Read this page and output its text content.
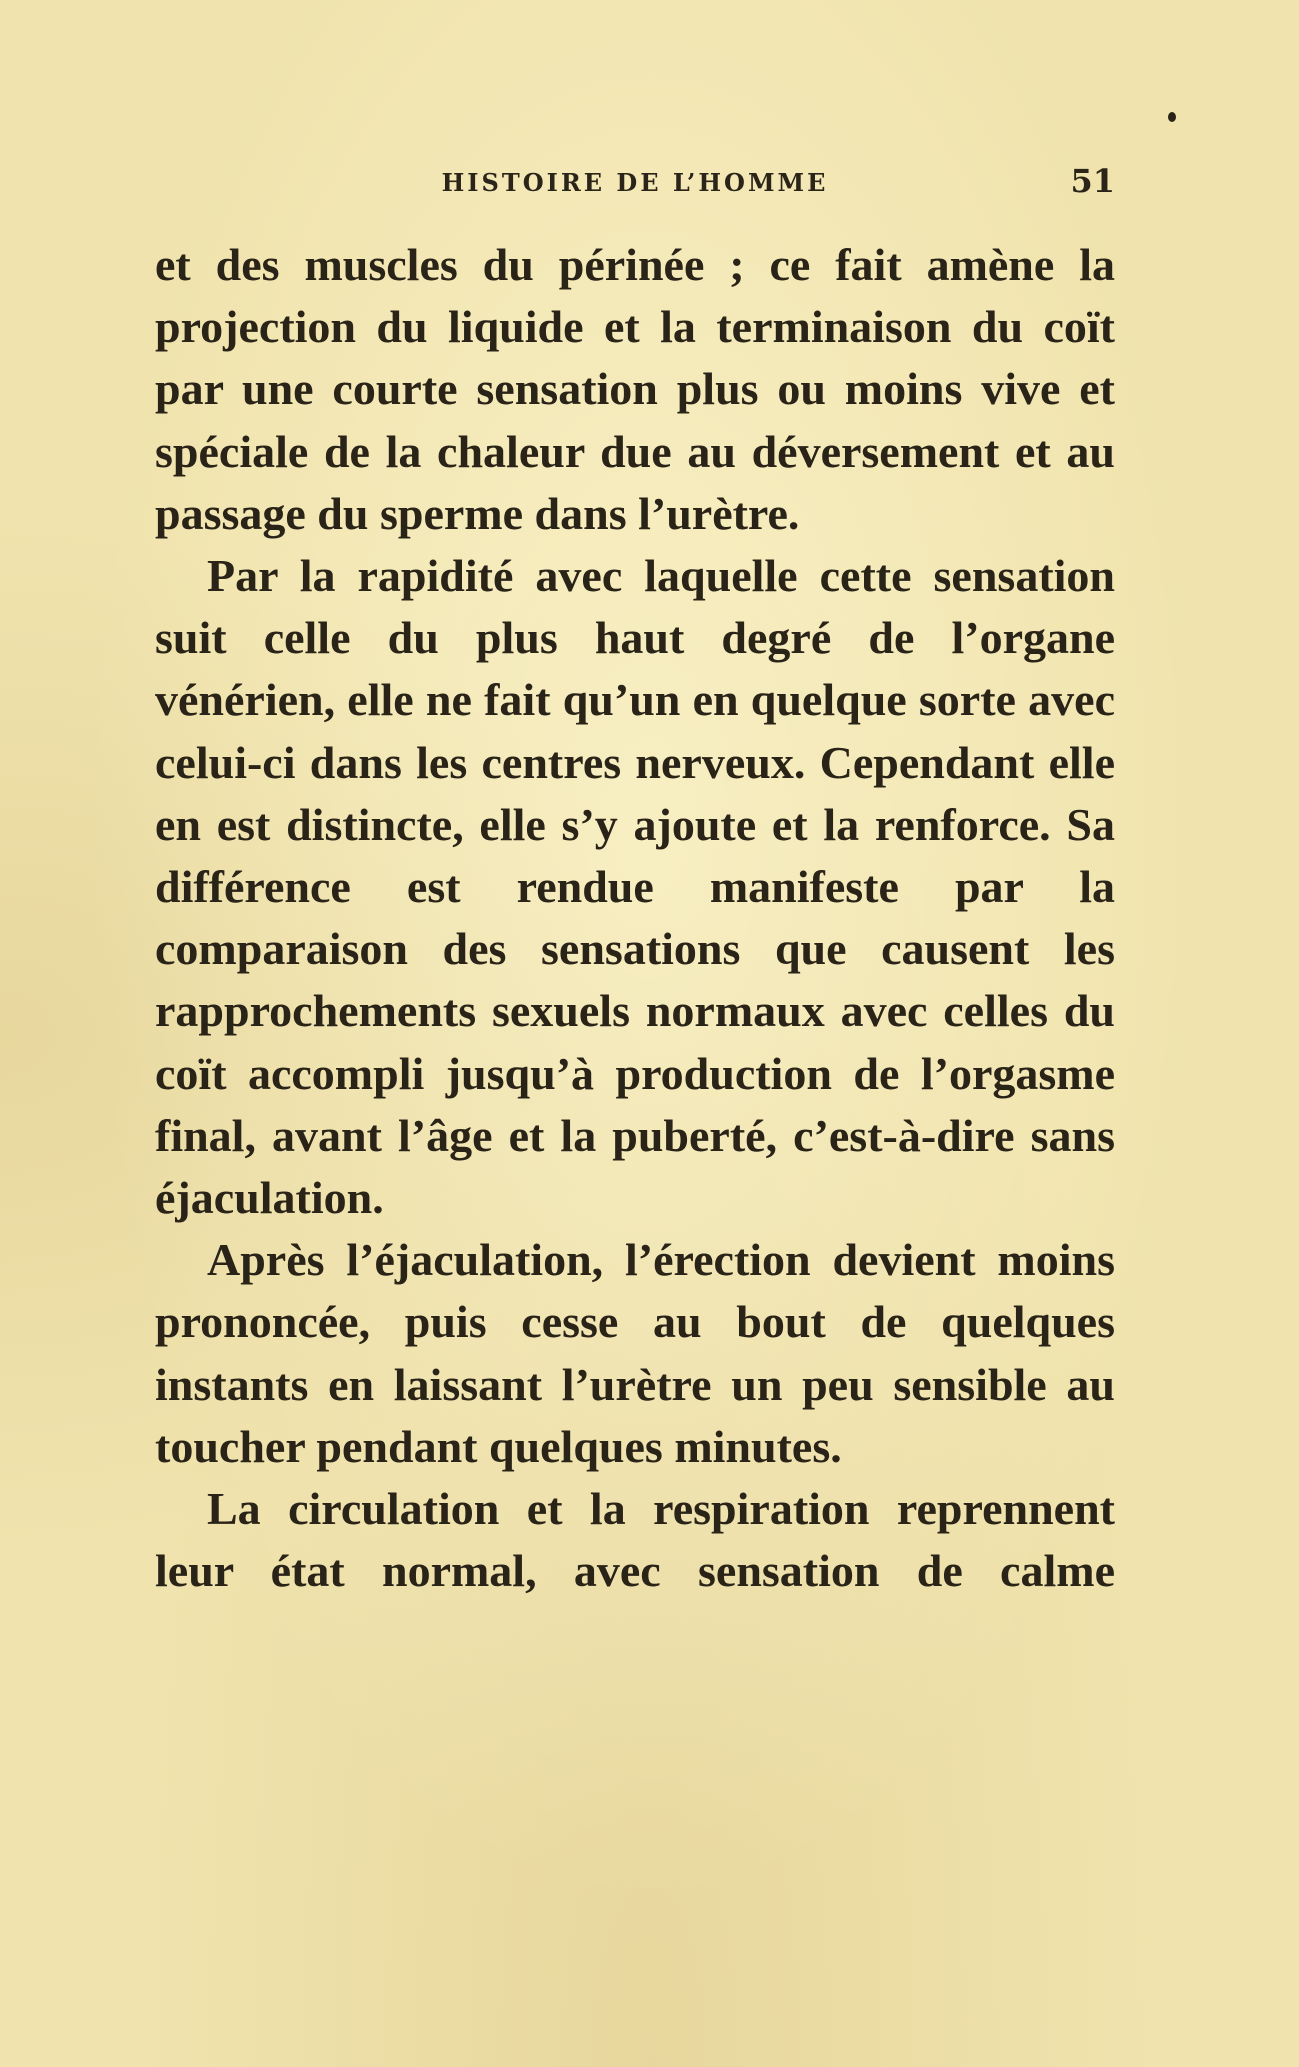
HISTOIRE DE L’HOMME	51

et des muscles du périnée ; ce fait amène la projection du liquide et la terminaison du coït par une courte sensation plus ou moins vive et spéciale de la chaleur due au déversement et au passage du sperme dans l’urètre.

Par la rapidité avec laquelle cette sensation suit celle du plus haut degré de l’organe vénérien, elle ne fait qu’un en quelque sorte avec celui-ci dans les centres nerveux. Cependant elle en est distincte, elle s’y ajoute et la renforce. Sa différence est rendue manifeste par la comparaison des sensations que causent les rapprochements sexuels normaux avec celles du coït accompli jusqu’à production de l’orgasme final, avant l’âge et la puberté, c’est-à-dire sans éjaculation.

Après l’éjaculation, l’érection devient moins prononcée, puis cesse au bout de quelques instants en laissant l’urètre un peu sensible au toucher pendant quelques minutes.

La circulation et la respiration reprennent leur état normal, avec sensation de calme
